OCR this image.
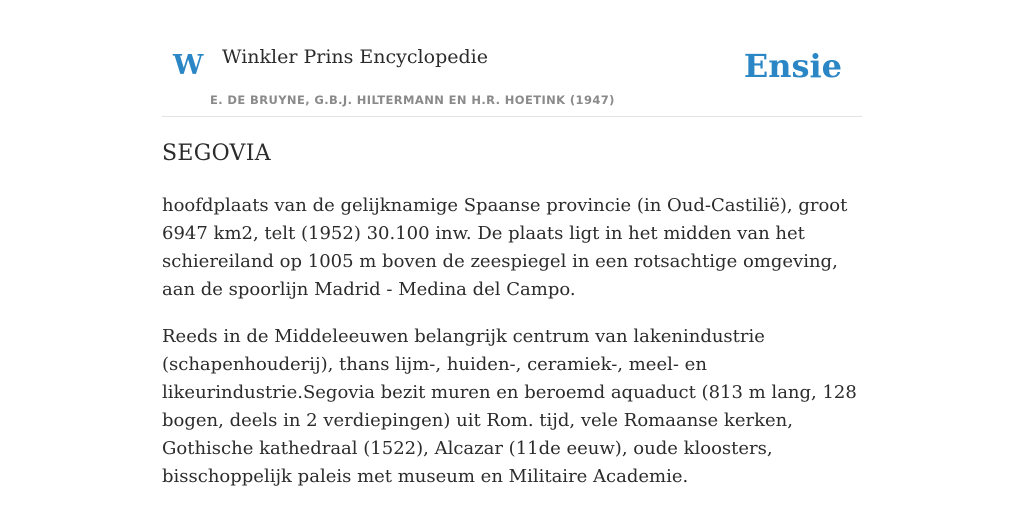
W Winkler Prins Encyclopedie
E. DE BRUYNE, G.B.J. HILTERMANN EN H.R. HOETINK (1947)
Ensie
SEGOVIA

hoofdplaats van de gelijknamige Spaanse provincie (in Oud-Castilië), groot 6947 km2, telt (1952) 30.100 inw. De plaats ligt in het midden van het schiereiland op 1005 m boven de zeespiegel in een rotsachtige omgeving, aan de spoorlijn Madrid - Medina del Campo.

Reeds in de Middeleeuwen belangrijk centrum van lakenindustrie (schapenhouderij), thans lijm-, huiden-, ceramiek-, meel- en likeurindustrie.Segovia bezit muren en beroemd aquaduct (813 m lang, 128 bogen, deels in 2 verdiepingen) uit Rom. tijd, vele Romaanse kerken, Gothische kathedraal (1522), Alcazar (11de eeuw), oude kloosters, bisschoppelijk paleis met museum en Militaire Academie.
